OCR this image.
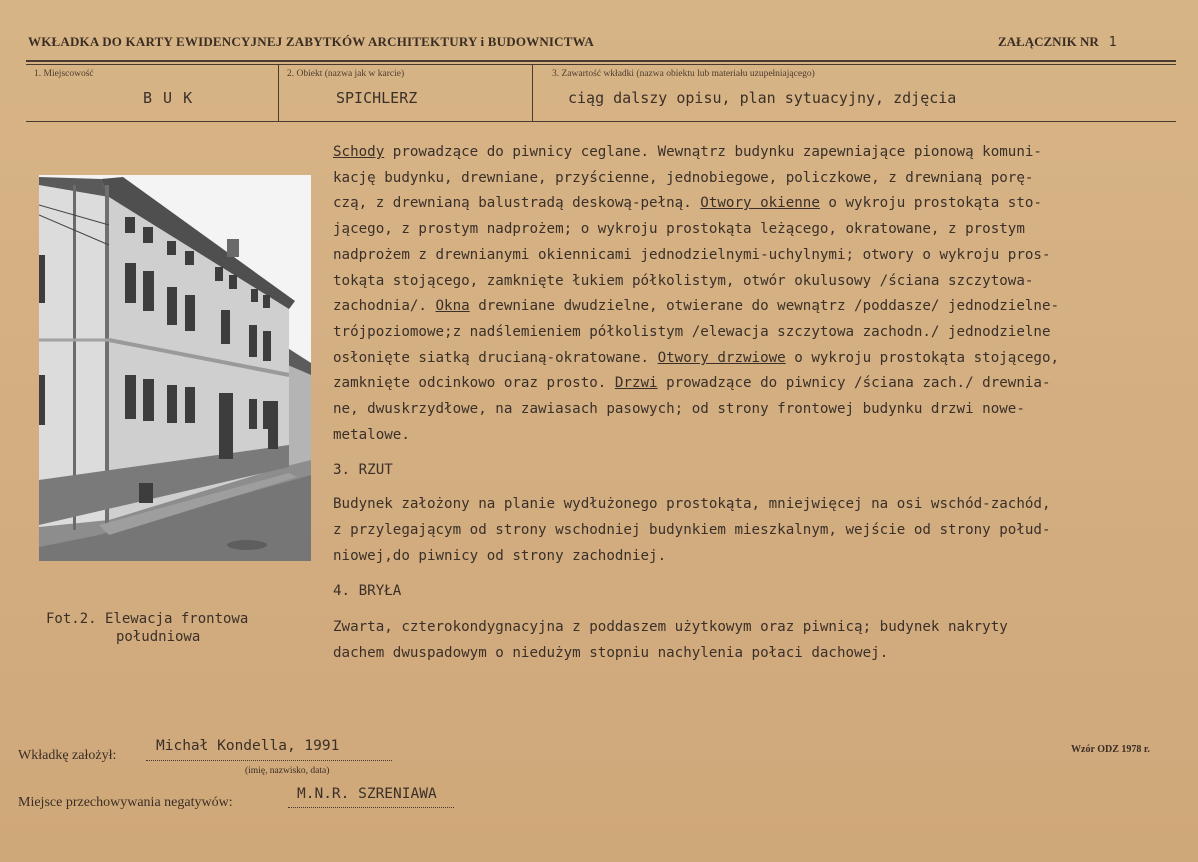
WKŁADKA DO KARTY EWIDENCYJNEJ ZABYTKÓW ARCHITEKTURY i BUDOWNICTWA	ZAŁĄCZNIK NR 1
1. Miejscowość
B U K
2. Obiekt (nazwa jak w karcie)
SPICHLERZ
3. Zawartość wkładki (nazwa obiektu lub materiału uzupełniającego)
ciąg dalszy opisu, plan sytuacyjny, zdjęcia
Fot.2. Elewacja frontowa
południowa
Schody prowadzące do piwnicy ceglane. Wewnątrz budynku zapewniające pionową komuni-
kację budynku, drewniane, przyścienne, jednobiegowe, policzkowe, z drewnianą porę-
czą, z drewnianą balustradą deskową-pełną. Otwory okienne o wykroju prostokąta sto-
jącego, z prostym nadprożem; o wykroju prostokąta leżącego, okratowane, z prostym
nadprożem z drewnianymi okiennicami jednodzielnymi-uchylnymi; otwory o wykroju pros-
tokąta stojącego, zamknięte łukiem półkolistym, otwór okulusowy /ściana szczytowa-
zachodnia/. Okna drewniane dwudzielne, otwierane do wewnątrz /poddasze/ jednodzielne-
trójpoziomowe;z nadślemieniem półkolistym /elewacja szczytowa zachodn./ jednodzielne
osłonięte siatką drucianą-okratowane. Otwory drzwiowe o wykroju prostokąta stojącego,
zamknięte odcinkowo oraz prosto. Drzwi prowadzące do piwnicy /ściana zach./ drewnia-
ne, dwuskrzydłowe, na zawiasach pasowych; od strony frontowej budynku drzwi nowe-
metalowe.
3. RZUT
Budynek założony na planie wydłużonego prostokąta, mniejwięcej na osi wschód-zachód,
z przylegającym od strony wschodniej budynkiem mieszkalnym, wejście od strony połud-
niowej,do piwnicy od strony zachodniej.
4. BRYŁA
Zwarta, czterokondygnacyjna z poddaszem użytkowym oraz piwnicą; budynek nakryty
dachem dwuspadowym o niedużym stopniu nachylenia połaci dachowej.
Wkładkę założył:
Michał Kondella, 1991
(imię, nazwisko, data)
Miejsce przechowywania negatywów:
M.N.R. SZRENIAWA
Wzór ODZ 1978 r.
